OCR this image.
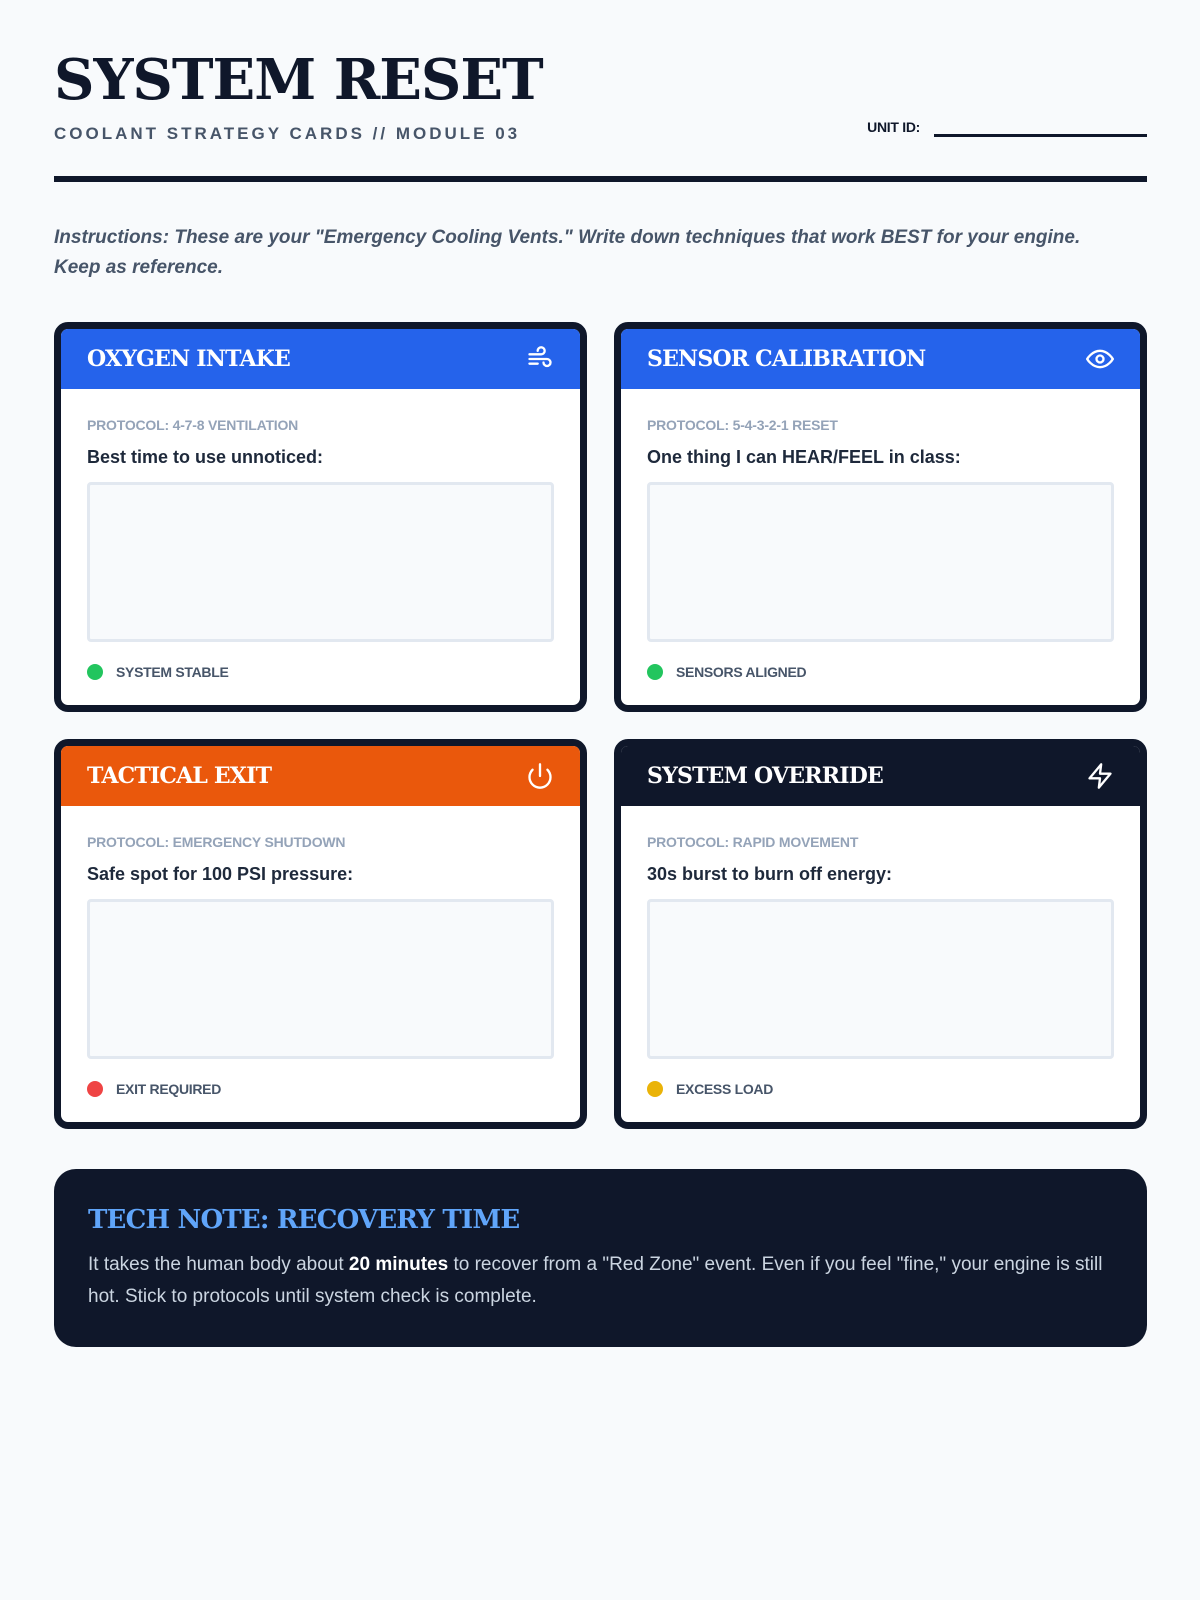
SYSTEM RESET
COOLANT STRATEGY CARDS // MODULE 03	UNIT ID:
Instructions: These are your "Emergency Cooling Vents." Write down techniques that work BEST for your engine. Keep as reference.
OXYGEN INTAKE
PROTOCOL: 4-7-8 VENTILATION
Best time to use unnoticed:
SYSTEM STABLE
SENSOR CALIBRATION
PROTOCOL: 5-4-3-2-1 RESET
One thing I can HEAR/FEEL in class:
SENSORS ALIGNED
TACTICAL EXIT
PROTOCOL: EMERGENCY SHUTDOWN
Safe spot for 100 PSI pressure:
EXIT REQUIRED
SYSTEM OVERRIDE
PROTOCOL: RAPID MOVEMENT
30s burst to burn off energy:
EXCESS LOAD
TECH NOTE: RECOVERY TIME
It takes the human body about 20 minutes to recover from a "Red Zone" event. Even if you feel "fine," your engine is still hot. Stick to protocols until system check is complete.
